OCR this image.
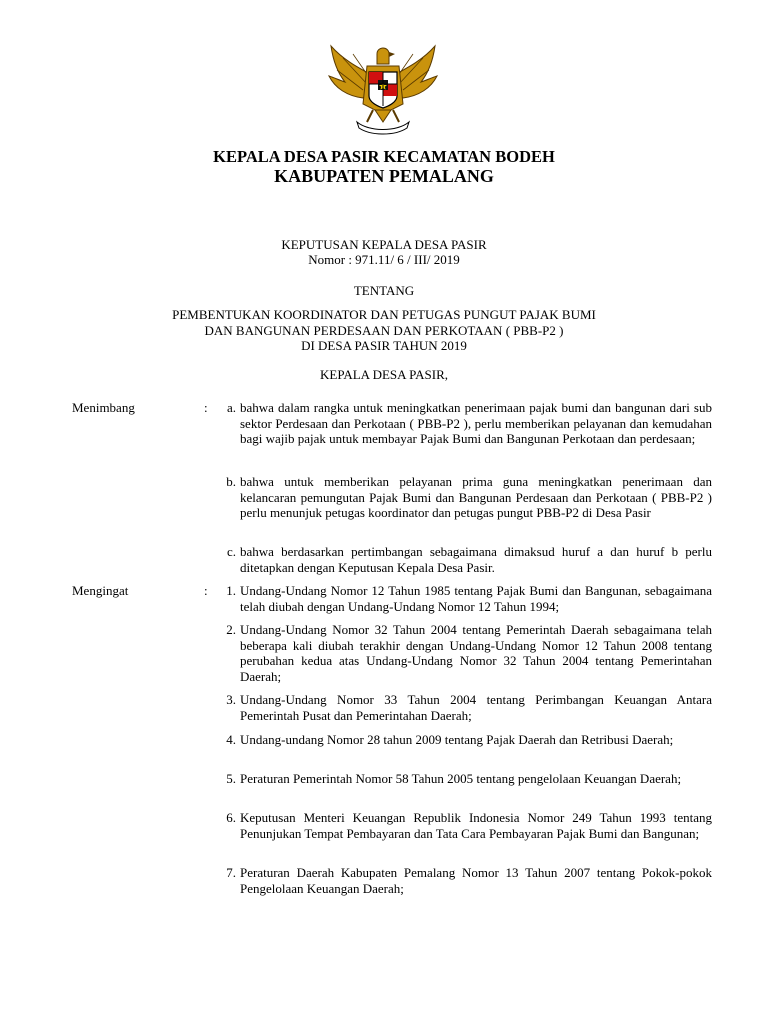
KEPALA DESA PASIR KECAMATAN BODEH
KABUPATEN PEMALANG
KEPUTUSAN KEPALA DESA PASIR
Nomor : 971.11/ 6 / III/ 2019
TENTANG
PEMBENTUKAN KOORDINATOR DAN PETUGAS PUNGUT PAJAK BUMI
DAN BANGUNAN PERDESAAN DAN PERKOTAAN ( PBB-P2 )
DI DESA PASIR TAHUN 2019
KEPALA DESA PASIR,
Menimbang	:	a. bahwa dalam rangka untuk meningkatkan penerimaan pajak bumi dan bangunan dari sub sektor Perdesaan dan Perkotaan ( PBB-P2 ), perlu memberikan pelayanan dan kemudahan bagi wajib pajak untuk membayar Pajak Bumi dan Bangunan Perkotaan dan perdesaan;
b. bahwa untuk memberikan pelayanan prima guna meningkatkan penerimaan dan kelancaran pemungutan Pajak Bumi dan Bangunan Perdesaan dan Perkotaan ( PBB-P2 ) perlu menunjuk petugas koordinator dan petugas pungut PBB-P2 di Desa Pasir
c. bahwa berdasarkan pertimbangan sebagaimana dimaksud huruf a dan huruf b perlu ditetapkan dengan Keputusan Kepala Desa Pasir.
Mengingat	:	1. Undang-Undang Nomor 12 Tahun 1985 tentang Pajak Bumi dan Bangunan, sebagaimana telah diubah dengan Undang-Undang Nomor 12 Tahun 1994;
2. Undang-Undang Nomor 32 Tahun 2004 tentang Pemerintah Daerah sebagaimana telah beberapa kali diubah terakhir dengan Undang-Undang Nomor 12 Tahun 2008 tentang perubahan kedua atas Undang-Undang Nomor 32 Tahun 2004 tentang Pemerintahan Daerah;
3. Undang-Undang Nomor 33 Tahun 2004 tentang Perimbangan Keuangan Antara Pemerintah Pusat dan Pemerintahan Daerah;
4. Undang-undang Nomor 28 tahun 2009 tentang Pajak Daerah dan Retribusi Daerah;
5. Peraturan Pemerintah Nomor 58 Tahun 2005 tentang pengelolaan Keuangan Daerah;
6. Keputusan Menteri Keuangan Republik Indonesia Nomor 249 Tahun 1993 tentang Penunjukan Tempat Pembayaran dan Tata Cara Pembayaran Pajak Bumi dan Bangunan;
7. Peraturan Daerah Kabupaten Pemalang Nomor 13 Tahun 2007 tentang Pokok-pokok Pengelolaan Keuangan Daerah;
